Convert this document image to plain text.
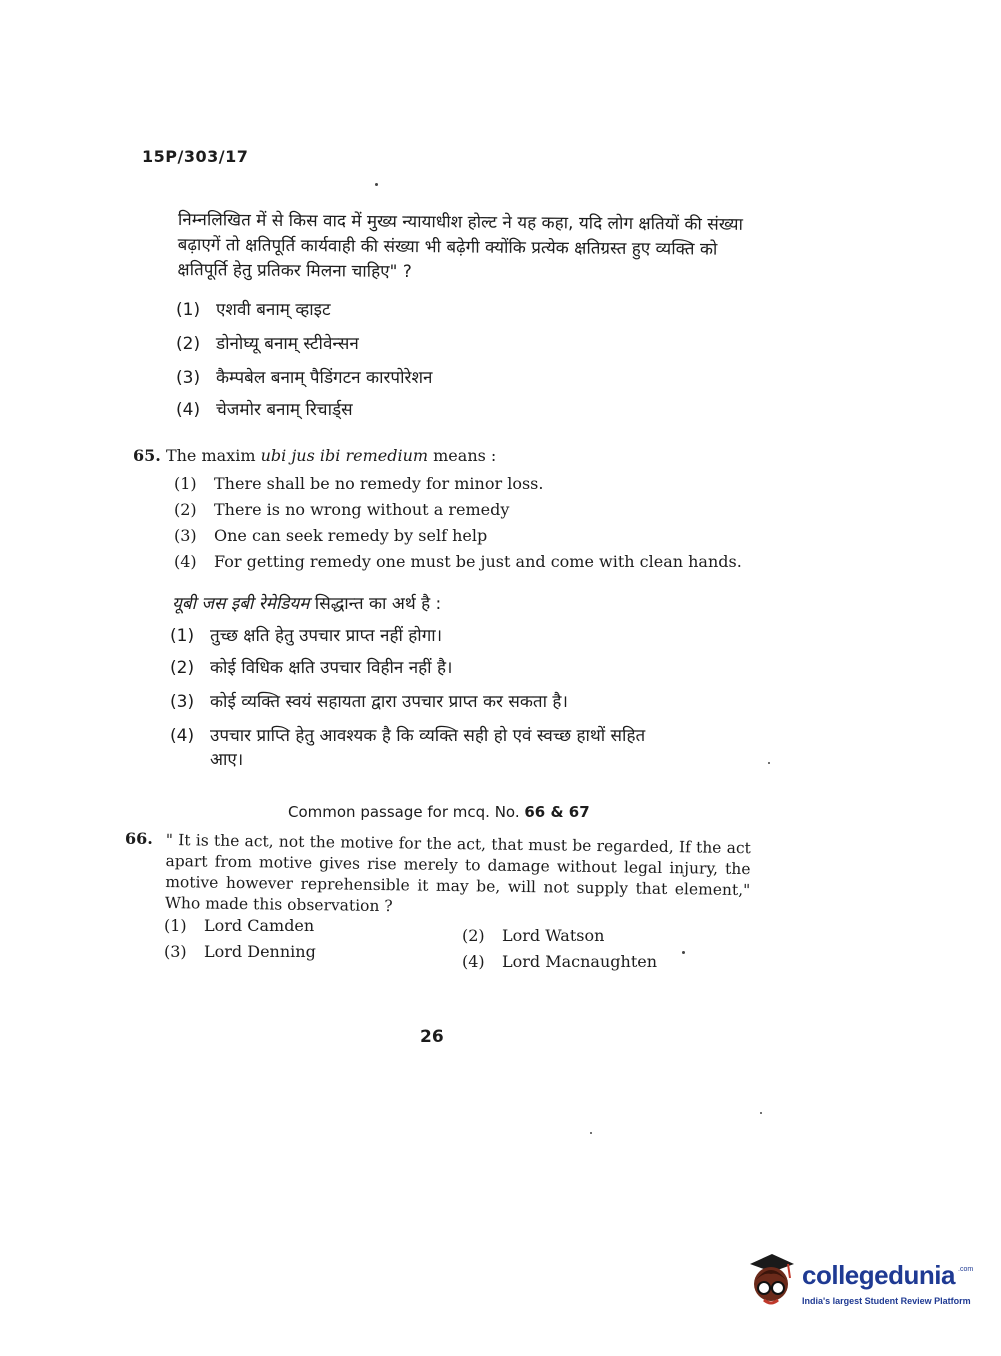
15P/303/17
निम्नलिखित में से किस वाद में मुख्य न्यायाधीश होल्ट ने यह कहा, यदि लोग क्षतियों की संख्या बढ़ाएगें तो क्षतिपूर्ति कार्यवाही की संख्या भी बढ़ेगी क्योंकि प्रत्येक क्षतिग्रस्त हुए व्यक्ति को क्षतिपूर्ति हेतु प्रतिकर मिलना चाहिए" ?
(1) एशवी बनाम् व्हाइट
(2) डोनोघ्यू बनाम् स्टीवेन्सन
(3) कैम्पबेल बनाम् पैडिंगटन कारपोरेशन
(4) चेजमोर बनाम् रिचार्ड्स
65. The maxim ubi jus ibi remedium means :
(1) There shall be no remedy for minor loss.
(2) There is no wrong without a remedy
(3) One can seek remedy by self help
(4) For getting remedy one must be just and come with clean hands.
यूबी जस इबी रेमेडियम सिद्धान्त का अर्थ है :
(1) तुच्छ क्षति हेतु उपचार प्राप्त नहीं होगा।
(2) कोई विधिक क्षति उपचार विहीन नहीं है।
(3) कोई व्यक्ति स्वयं सहायता द्वारा उपचार प्राप्त कर सकता है।
(4) उपचार प्राप्ति हेतु आवश्यक है कि व्यक्ति सही हो एवं स्वच्छ हाथों सहित
आए।
Common passage for mcq. No. 66 & 67
66. " It is the act, not the motive for the act, that must be regarded, If the act apart from motive gives rise merely to damage without legal injury, the motive however reprehensible it may be, will not supply that element," Who made this observation ?
(1) Lord Camden
(2) Lord Watson
(3) Lord Denning
(4) Lord Macnaughten
26
collegedunia .com
India's largest Student Review Platform
